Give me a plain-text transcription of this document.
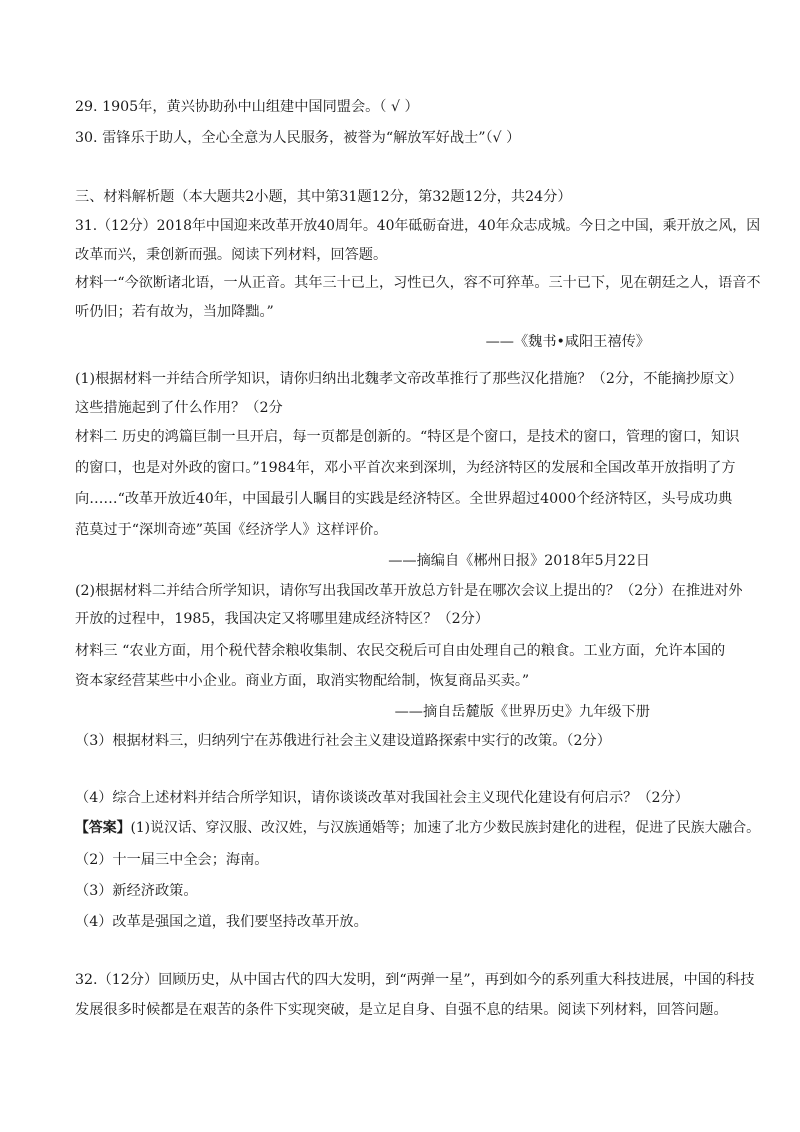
29. 1905年，黄兴协助孙中山组建中国同盟会。（ √ ）
30. 雷锋乐于助人，全心全意为人民服务，被誉为“解放军好战士”（√ ）
三、材料解析题（本大题共2小题，其中第31题12分，第32题12分，共24分）
31.（12分）2018年中国迎来改革开放40周年。40年砥砺奋进，40年众志成城。今日之中国，乘开放之风，因
改革而兴，秉创新而强。阅读下列材料，回答题。
材料一“今欲断诸北语，一从正音。其年三十已上，习性已久，容不可猝革。三十已下，见在朝廷之人，语音不
听仍旧；若有故为，当加降黜。”
——《魏书•咸阳王禧传》
(1)根据材料一并结合所学知识，请你归纳出北魏孝文帝改革推行了那些汉化措施？（2分，不能摘抄原文）
这些措施起到了什么作用？（2分
材料二 历史的鸿篇巨制一旦开启，每一页都是创新的。“特区是个窗口，是技术的窗口，管理的窗口，知识
的窗口，也是对外政的窗口。”1984年，邓小平首次来到深圳，为经济特区的发展和全国改革开放指明了方
向……“改革开放近40年，中国最引人瞩目的实践是经济特区。全世界超过4000个经济特区，头号成功典
范莫过于“深圳奇迹”英国《经济学人》这样评价。
——摘编自《郴州日报》2018年5月22日
(2)根据材料二并结合所学知识，请你写出我国改革开放总方针是在哪次会议上提出的？（2分）在推进对外
开放的过程中，1985，我国决定又将哪里建成经济特区？（2分）
材料三 “农业方面，用个税代替余粮收集制、农民交税后可自由处理自己的粮食。工业方面，允许本国的
资本家经营某些中小企业。商业方面，取消实物配给制，恢复商品买卖。”
——摘自岳麓版《世界历史》九年级下册
（3）根据材料三，归纳列宁在苏俄进行社会主义建设道路探索中实行的改策。（2分）
（4）综合上述材料并结合所学知识，请你谈谈改革对我国社会主义现代化建设有何启示？（2分）
【答案】(1)说汉话、穿汉服、改汉姓，与汉族通婚等；加速了北方少数民族封建化的进程，促进了民族大融合。
（2）十一届三中全会；海南。
（3）新经济政策。
（4）改革是强国之道，我们要坚持改革开放。
32.（12分）回顾历史，从中国古代的四大发明，到“两弹一星”，再到如今的系列重大科技进展，中国的科技
发展很多时候都是在艰苦的条件下实现突破，是立足自身、自强不息的结果。阅读下列材料，回答问题。
